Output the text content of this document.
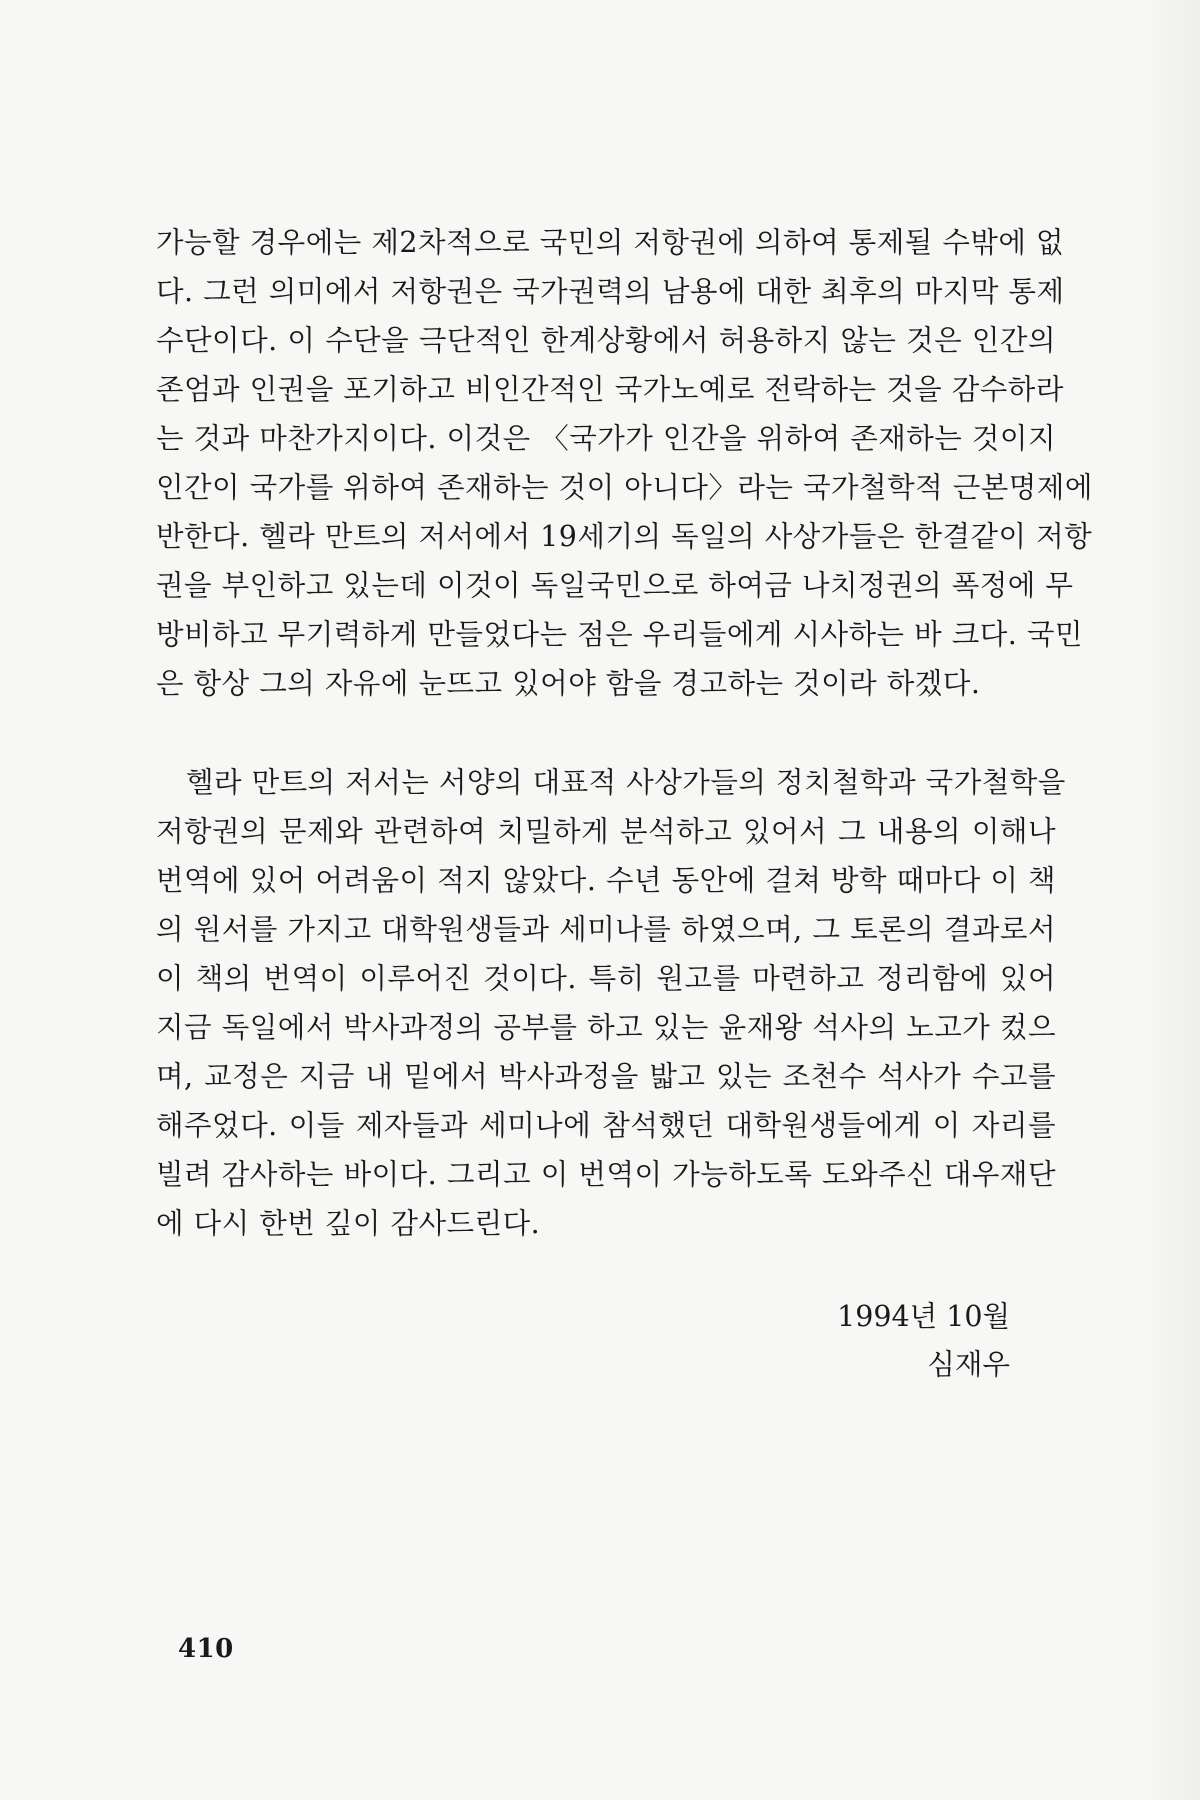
가능할 경우에는 제2차적으로 국민의 저항권에 의하여 통제될 수밖에 없
다. 그런 의미에서 저항권은 국가권력의 남용에 대한 최후의 마지막 통제
수단이다. 이 수단을 극단적인 한계상황에서 허용하지 않는 것은 인간의
존엄과 인권을 포기하고 비인간적인 국가노예로 전락하는 것을 감수하라
는 것과 마찬가지이다. 이것은 〈국가가 인간을 위하여 존재하는 것이지
인간이 국가를 위하여 존재하는 것이 아니다〉라는 국가철학적 근본명제에
반한다. 헬라 만트의 저서에서 19세기의 독일의 사상가들은 한결같이 저항
권을 부인하고 있는데 이것이 독일국민으로 하여금 나치정권의 폭정에 무
방비하고 무기력하게 만들었다는 점은 우리들에게 시사하는 바 크다. 국민
은 항상 그의 자유에 눈뜨고 있어야 함을 경고하는 것이라 하겠다.
헬라 만트의 저서는 서양의 대표적 사상가들의 정치철학과 국가철학을
저항권의 문제와 관련하여 치밀하게 분석하고 있어서 그 내용의 이해나
번역에 있어 어려움이 적지 않았다. 수년 동안에 걸쳐 방학 때마다 이 책
의 원서를 가지고 대학원생들과 세미나를 하였으며, 그 토론의 결과로서
이 책의 번역이 이루어진 것이다. 특히 원고를 마련하고 정리함에 있어
지금 독일에서 박사과정의 공부를 하고 있는 윤재왕 석사의 노고가 컸으
며, 교정은 지금 내 밑에서 박사과정을 밟고 있는 조천수 석사가 수고를
해주었다. 이들 제자들과 세미나에 참석했던 대학원생들에게 이 자리를
빌려 감사하는 바이다. 그리고 이 번역이 가능하도록 도와주신 대우재단
에 다시 한번 깊이 감사드린다.
1994년 10월
심재우
410
